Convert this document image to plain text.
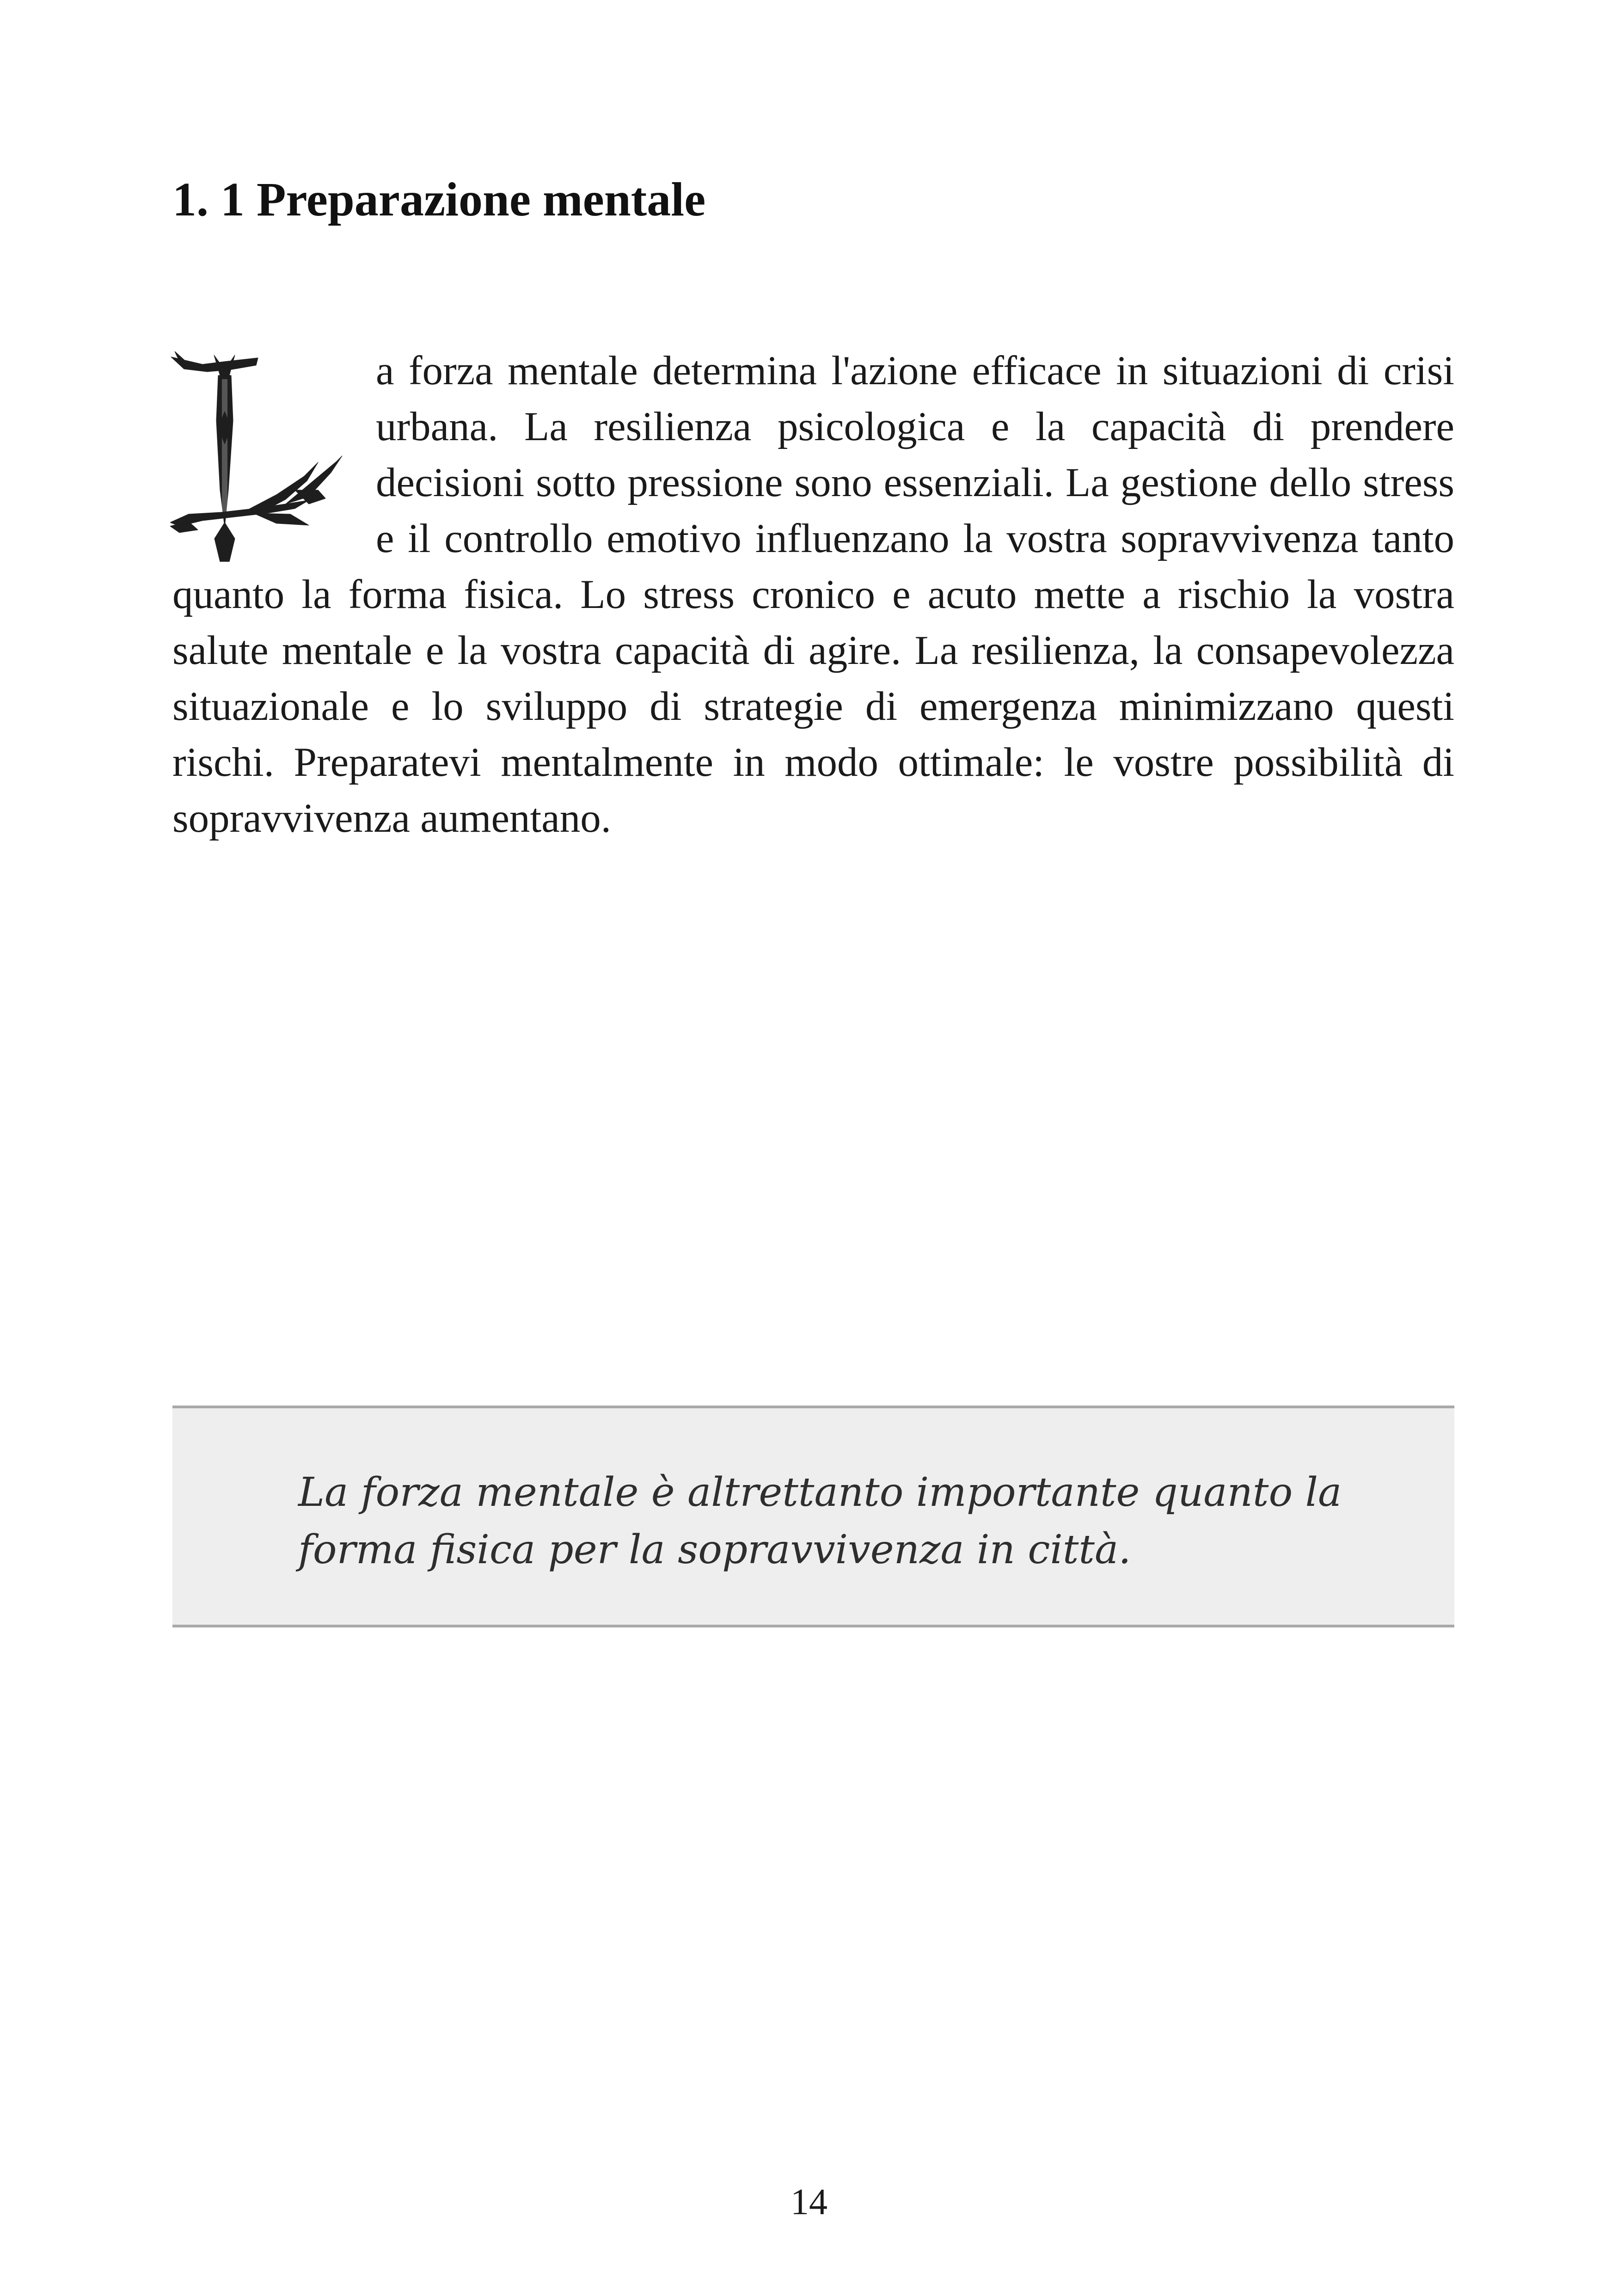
1. 1 Preparazione mentale

a forza mentale determina l'azione efficace in situazioni di crisi urbana. La resilienza psicologica e la capacità di prendere decisioni sotto pressione sono essenziali. La gestione dello stress e il controllo emotivo influenzano la vostra sopravvivenza tanto quanto la forma fisica. Lo stress cronico e acuto mette a rischio la vostra salute mentale e la vostra capacità di agire. La resilienza, la consapevolezza situazionale e lo sviluppo di strategie di emergenza minimizzano questi rischi. Preparatevi mentalmente in modo ottimale: le vostre possibilità di sopravvivenza aumentano.

La forza mentale è altrettanto importante quanto la forma fisica per la sopravvivenza in città.

14
